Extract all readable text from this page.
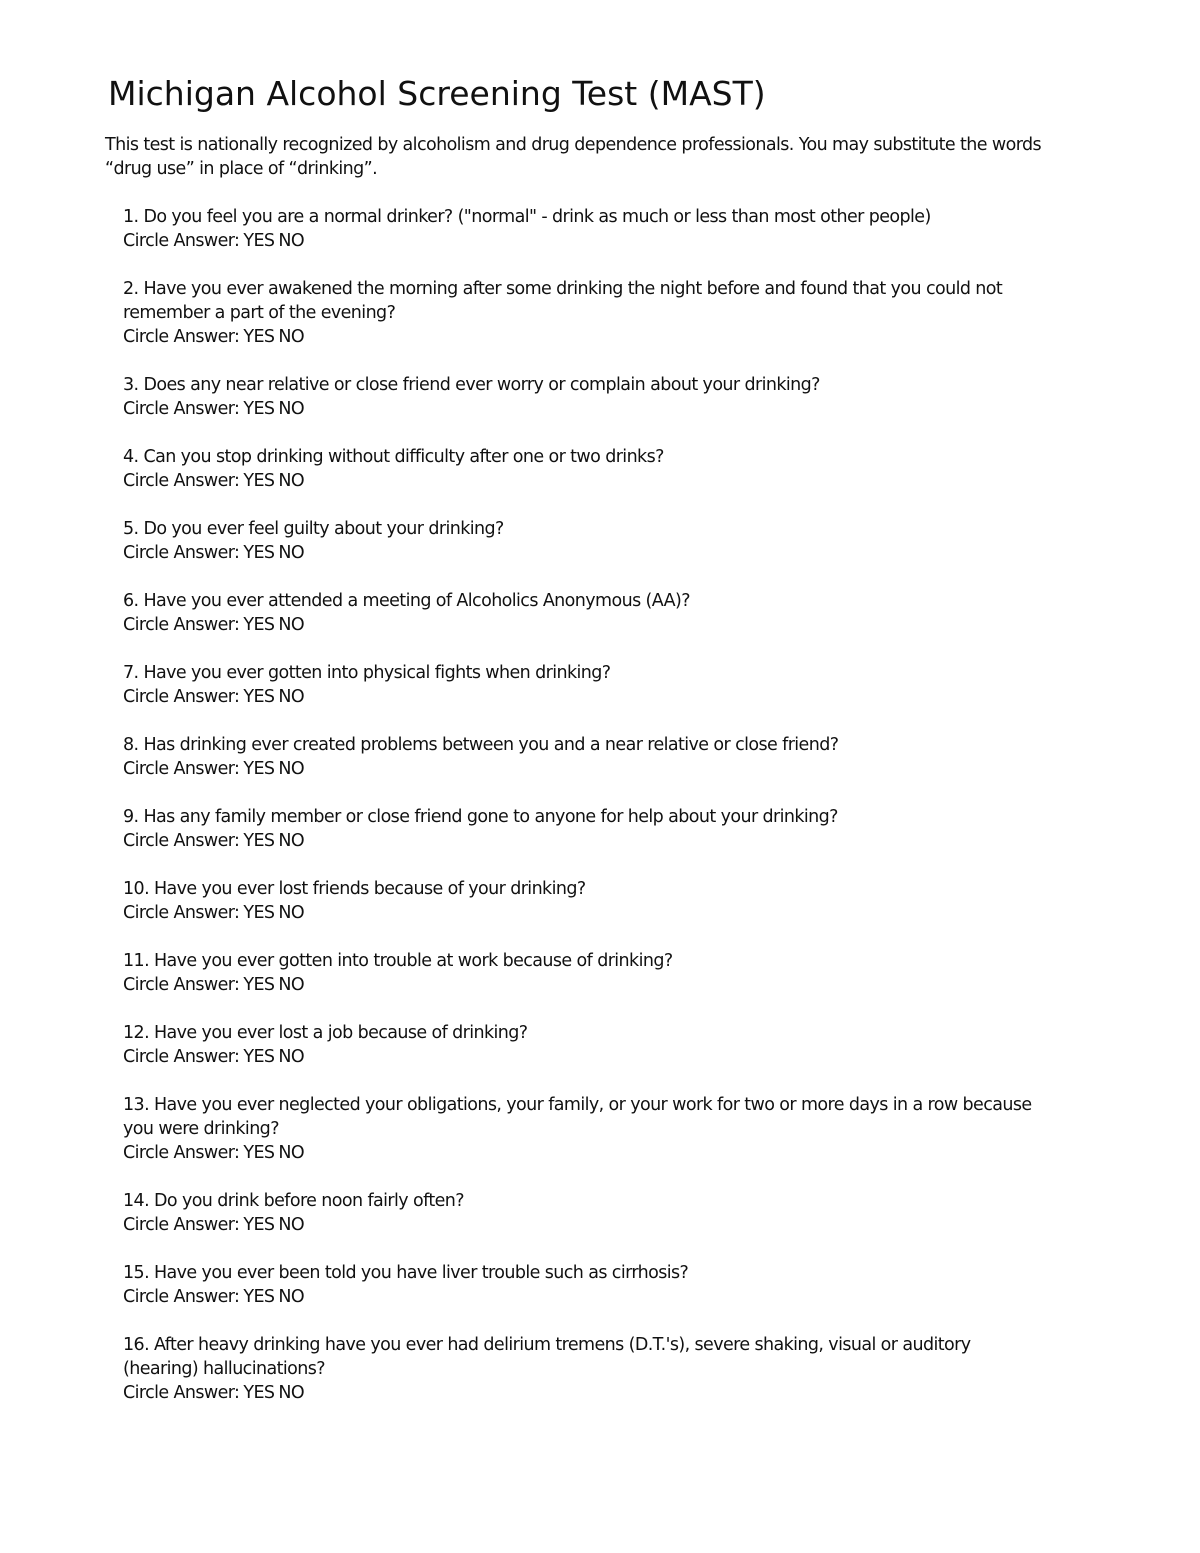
Michigan Alcohol Screening Test (MAST)

This test is nationally recognized by alcoholism and drug dependence professionals. You may substitute the words “drug use” in place of “drinking”.

1. Do you feel you are a normal drinker? ("normal" - drink as much or less than most other people)
Circle Answer: YES NO
2. Have you ever awakened the morning after some drinking the night before and found that you could not remember a part of the evening?
Circle Answer: YES NO
3. Does any near relative or close friend ever worry or complain about your drinking?
Circle Answer: YES NO
4. Can you stop drinking without difficulty after one or two drinks?
Circle Answer: YES NO
5. Do you ever feel guilty about your drinking?
Circle Answer: YES NO
6. Have you ever attended a meeting of Alcoholics Anonymous (AA)?
Circle Answer: YES NO
7. Have you ever gotten into physical fights when drinking?
Circle Answer: YES NO
8. Has drinking ever created problems between you and a near relative or close friend?
Circle Answer: YES NO
9. Has any family member or close friend gone to anyone for help about your drinking?
Circle Answer: YES NO
10. Have you ever lost friends because of your drinking?
Circle Answer: YES NO
11. Have you ever gotten into trouble at work because of drinking?
Circle Answer: YES NO
12. Have you ever lost a job because of drinking?
Circle Answer: YES NO
13. Have you ever neglected your obligations, your family, or your work for two or more days in a row because you were drinking?
Circle Answer: YES NO
14. Do you drink before noon fairly often?
Circle Answer: YES NO
15. Have you ever been told you have liver trouble such as cirrhosis?
Circle Answer: YES NO
16. After heavy drinking have you ever had delirium tremens (D.T.'s), severe shaking, visual or auditory (hearing) hallucinations?
Circle Answer: YES NO
